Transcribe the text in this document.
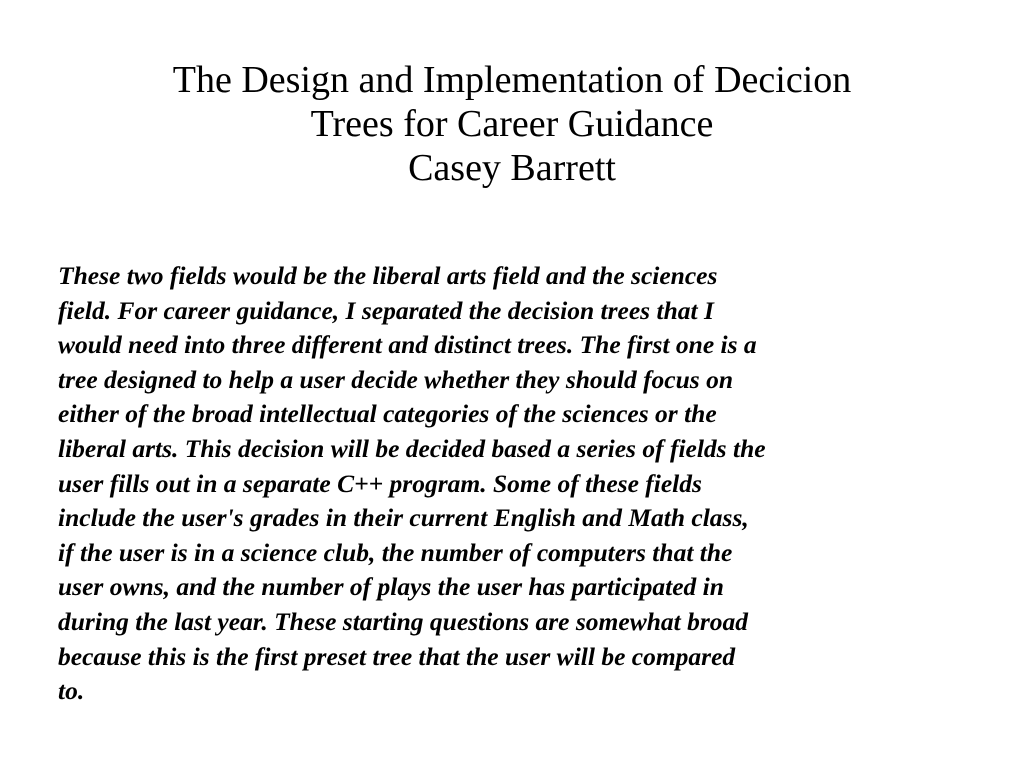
The Design and Implementation of Decicion
Trees for Career Guidance
Casey Barrett

These two fields would be the liberal arts field and the sciences
field. For career guidance, I separated the decision trees that I
would need into three different and distinct trees. The first one is a
tree designed to help a user decide whether they should focus on
either of the broad intellectual categories of the sciences or the
liberal arts. This decision will be decided based a series of fields the
user fills out in a separate C++ program. Some of these fields
include the user's grades in their current English and Math class,
if the user is in a science club, the number of computers that the
user owns, and the number of plays the user has participated in
during the last year. These starting questions are somewhat broad
because this is the first preset tree that the user will be compared
to.
